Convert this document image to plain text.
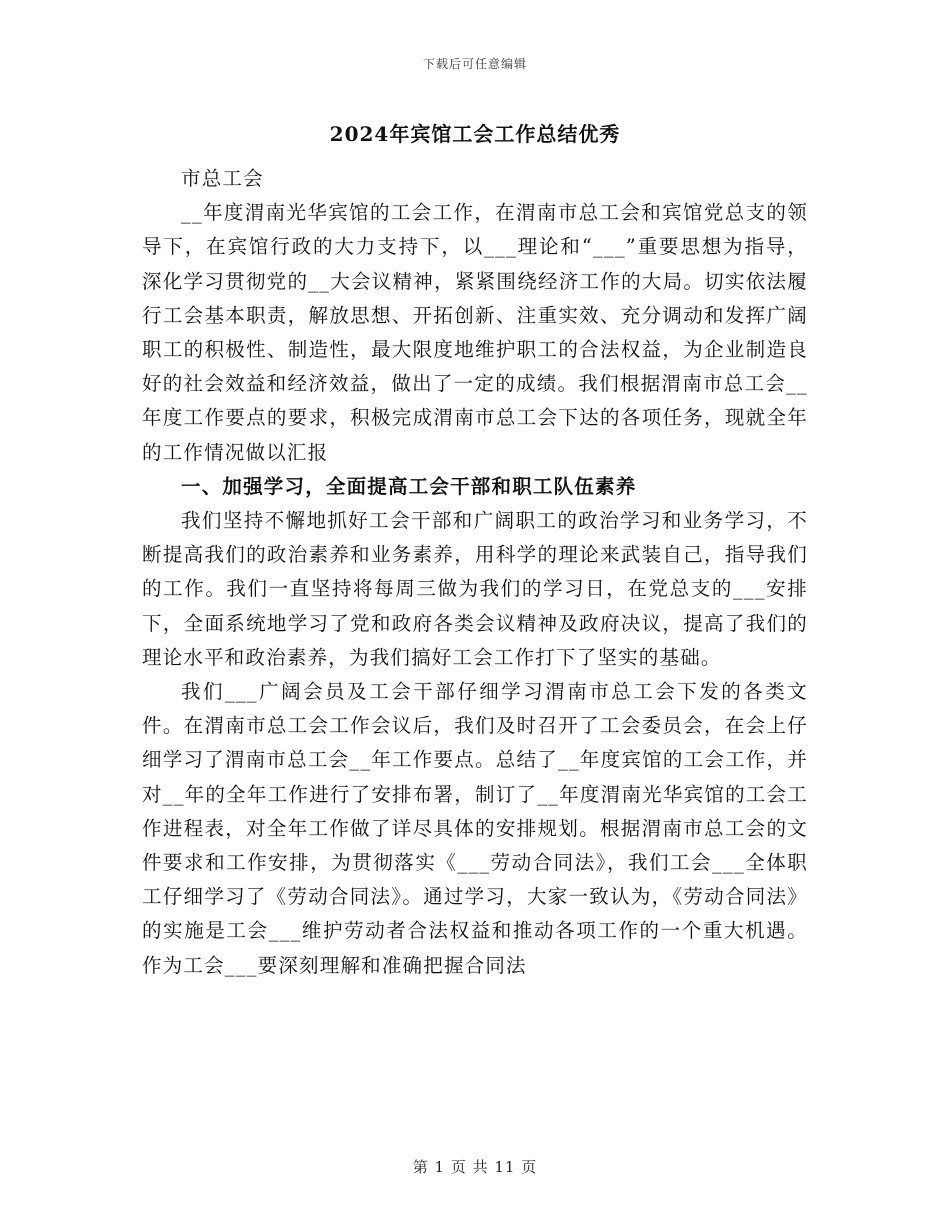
下载后可任意编辑
2024年宾馆工会工作总结优秀

市总工会

__年度渭南光华宾馆的工会工作，在渭南市总工会和宾馆党总支的领导下，在宾馆行政的大力支持下，以___理论和“___”重要思想为指导，深化学习贯彻党的__大会议精神，紧紧围绕经济工作的大局。切实依法履行工会基本职责，解放思想、开拓创新、注重实效、充分调动和发挥广阔职工的积极性、制造性，最大限度地维护职工的合法权益，为企业制造良好的社会效益和经济效益，做出了一定的成绩。我们根据渭南市总工会__年度工作要点的要求，积极完成渭南市总工会下达的各项任务，现就全年的工作情况做以汇报

一、加强学习，全面提高工会干部和职工队伍素养

我们坚持不懈地抓好工会干部和广阔职工的政治学习和业务学习，不断提高我们的政治素养和业务素养，用科学的理论来武装自己，指导我们的工作。我们一直坚持将每周三做为我们的学习日，在党总支的___安排下，全面系统地学习了党和政府各类会议精神及政府决议，提高了我们的理论水平和政治素养，为我们搞好工会工作打下了坚实的基础。

我们___广阔会员及工会干部仔细学习渭南市总工会下发的各类文件。在渭南市总工会工作会议后，我们及时召开了工会委员会，在会上仔细学习了渭南市总工会__年工作要点。总结了__年度宾馆的工会工作，并对__年的全年工作进行了安排布署，制订了__年度渭南光华宾馆的工会工作进程表，对全年工作做了详尽具体的安排规划。根据渭南市总工会的文件要求和工作安排，为贯彻落实《___劳动合同法》，我们工会___全体职工仔细学习了《劳动合同法》。通过学习，大家一致认为，《劳动合同法》的实施是工会___维护劳动者合法权益和推动各项工作的一个重大机遇。作为工会___要深刻理解和准确把握合同法

第 1 页 共 11 页
